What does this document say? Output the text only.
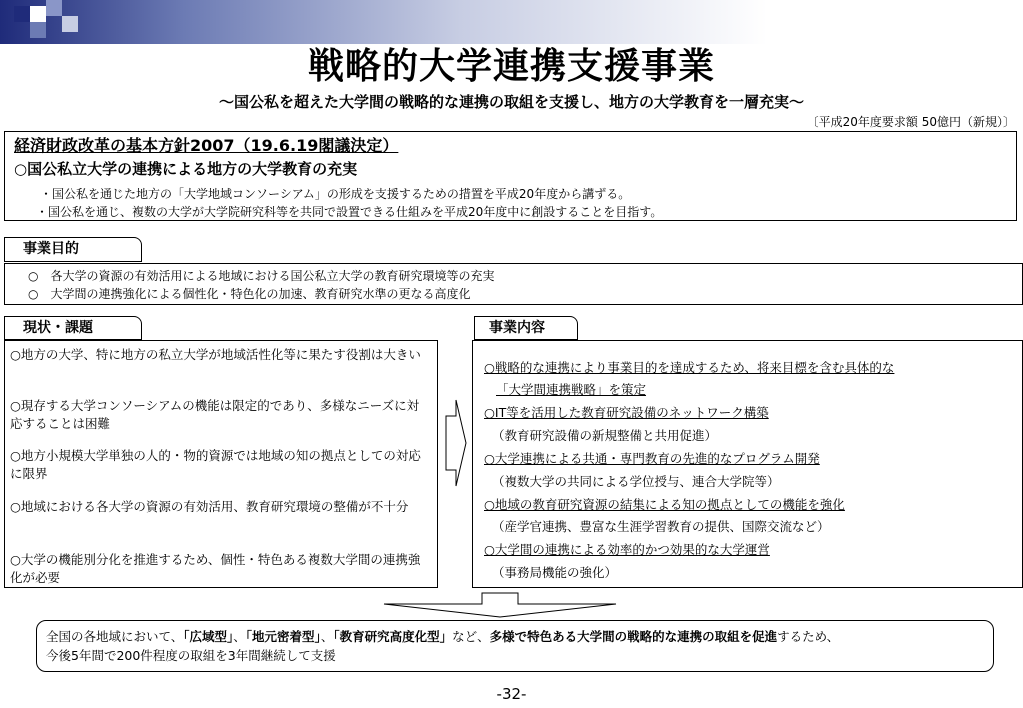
戦略的大学連携支援事業
～国公私を超えた大学間の戦略的な連携の取組を支援し、地方の大学教育を一層充実～
〔平成20年度要求額 50億円（新規）〕
経済財政改革の基本方針2007（19.6.19閣議決定）
○国公私立大学の連携による地方の大学教育の充実
・国公私を通じた地方の「大学地域コンソーシアム」の形成を支援するための措置を平成20年度から講ずる。
・国公私を通じ、複数の大学が大学院研究科等を共同で設置できる仕組みを平成20年度中に創設することを目指す。
事業目的
○　各大学の資源の有効活用による地域における国公私立大学の教育研究環境等の充実
○　大学間の連携強化による個性化・特色化の加速、教育研究水準の更なる高度化
現状・課題
○地方の大学、特に地方の私立大学が地域活性化等に果たす役割は大きい
○現存する大学コンソーシアムの機能は限定的であり、多様なニーズに対応することは困難
○地方小規模大学単独の人的・物的資源では地域の知の拠点としての対応に限界
○地域における各大学の資源の有効活用、教育研究環境の整備が不十分
○大学の機能別分化を推進するため、個性・特色ある複数大学間の連携強化が必要
事業内容
○戦略的な連携により事業目的を達成するため、将来目標を含む具体的な
「大学間連携戦略」を策定
○IT等を活用した教育研究設備のネットワーク構築
（教育研究設備の新規整備と共用促進）
○大学連携による共通・専門教育の先進的なプログラム開発
（複数大学の共同による学位授与、連合大学院等）
○地域の教育研究資源の結集による知の拠点としての機能を強化
（産学官連携、豊富な生涯学習教育の提供、国際交流など）
○大学間の連携による効率的かつ効果的な大学運営
（事務局機能の強化）
全国の各地域において、「広域型」、「地元密着型」、「教育研究高度化型」など、多様で特色ある大学間の戦略的な連携の取組を促進するため、
今後5年間で200件程度の取組を3年間継続して支援
-32-
